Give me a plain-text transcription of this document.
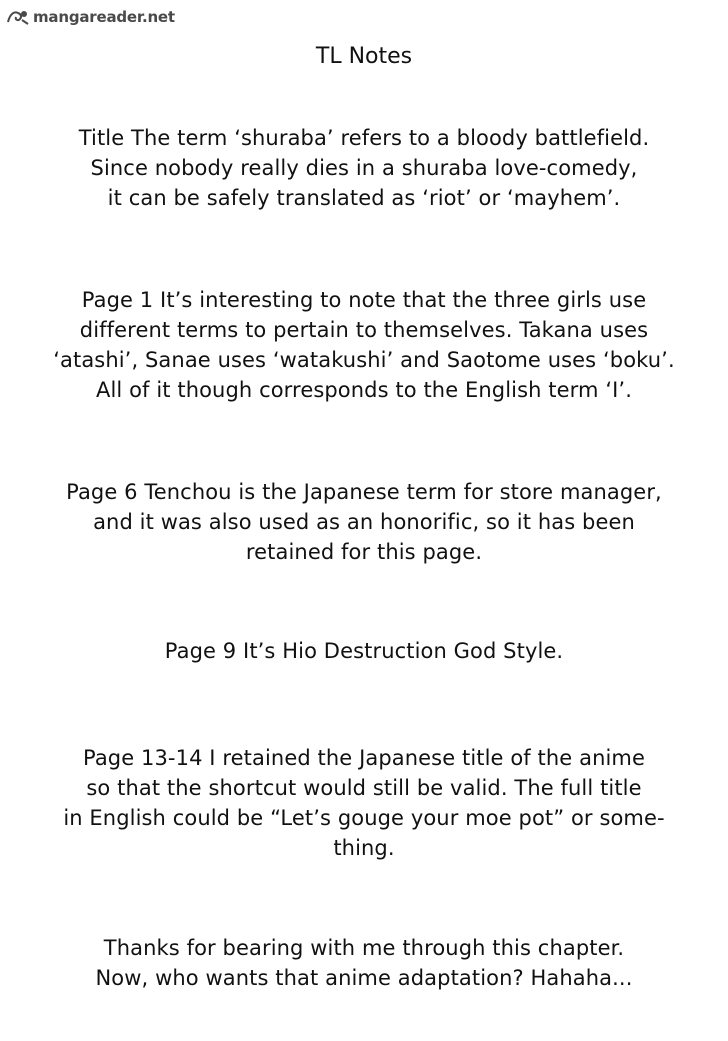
mangareader.net
TL Notes

Title The term ‘shuraba’ refers to a bloody battlefield.
Since nobody really dies in a shuraba love-comedy,
it can be safely translated as ‘riot’ or ‘mayhem’.

Page 1 It’s interesting to note that the three girls use
different terms to pertain to themselves. Takana uses
‘atashi’, Sanae uses ‘watakushi’ and Saotome uses ‘boku’.
All of it though corresponds to the English term ‘I’.

Page 6 Tenchou is the Japanese term for store manager,
and it was also used as an honorific, so it has been
retained for this page.

Page 9 It’s Hio Destruction God Style.

Page 13-14 I retained the Japanese title of the anime
so that the shortcut would still be valid. The full title
in English could be “Let’s gouge your moe pot” or some-
thing.

Thanks for bearing with me through this chapter.
Now, who wants that anime adaptation? Hahaha...
